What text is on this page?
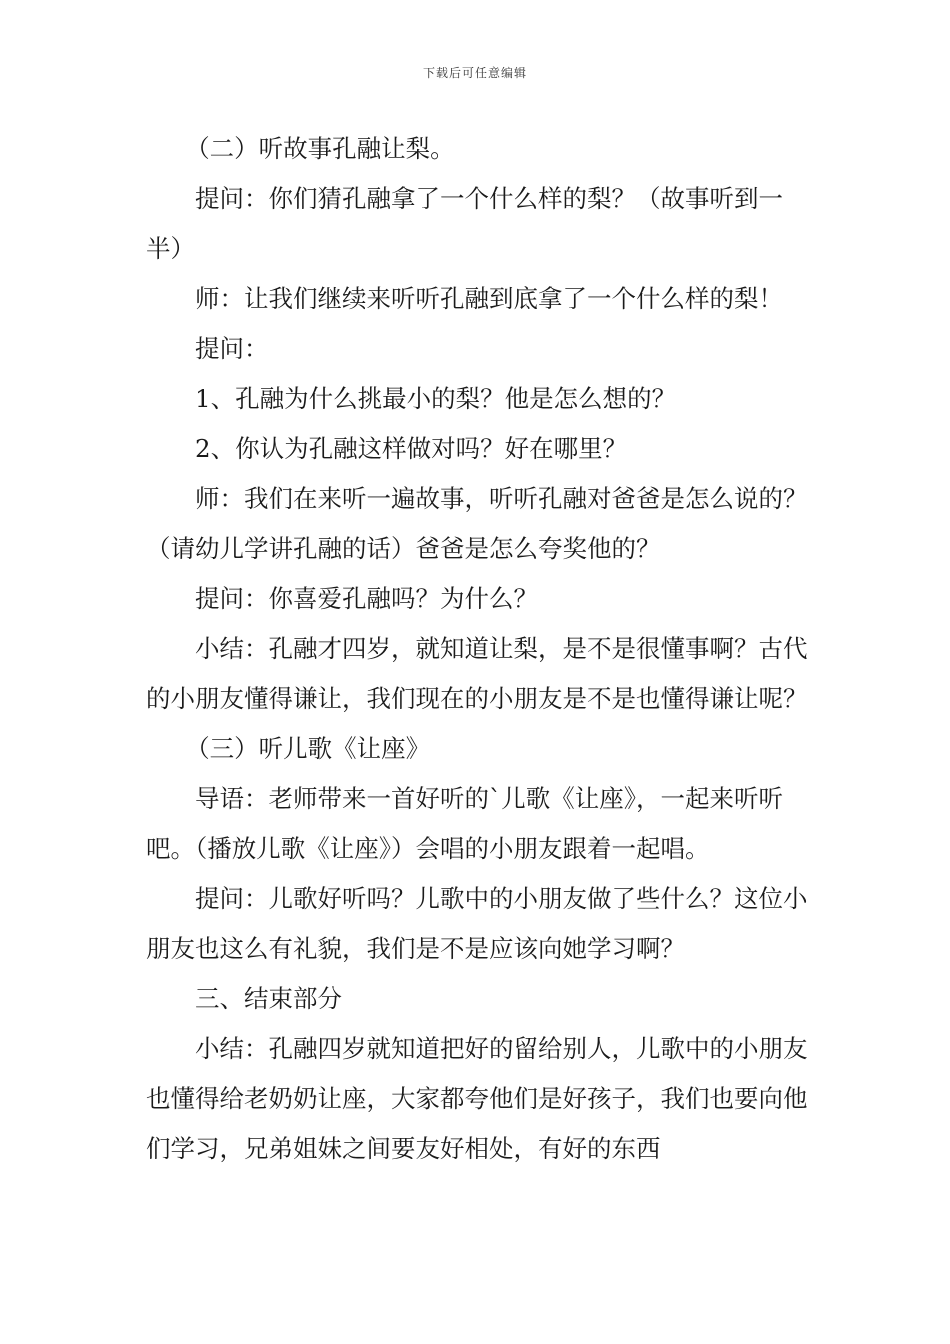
下载后可任意编辑

（二）听故事孔融让梨。

提问：你们猜孔融拿了一个什么样的梨？（故事听到一半）

师：让我们继续来听听孔融到底拿了一个什么样的梨！

提问：

1、孔融为什么挑最小的梨？他是怎么想的？

2、你认为孔融这样做对吗？好在哪里？

师：我们在来听一遍故事，听听孔融对爸爸是怎么说的？（请幼儿学讲孔融的话）爸爸是怎么夸奖他的？

提问：你喜爱孔融吗？为什么？

小结：孔融才四岁，就知道让梨，是不是很懂事啊？古代的小朋友懂得谦让，我们现在的小朋友是不是也懂得谦让呢？

（三）听儿歌《让座》

导语：老师带来一首好听的`儿歌《让座》，一起来听听吧。（播放儿歌《让座》）会唱的小朋友跟着一起唱。

提问：儿歌好听吗？儿歌中的小朋友做了些什么？这位小朋友也这么有礼貌，我们是不是应该向她学习啊？

三、结束部分

小结：孔融四岁就知道把好的留给别人，儿歌中的小朋友也懂得给老奶奶让座，大家都夸他们是好孩子，我们也要向他们学习，兄弟姐妹之间要友好相处，有好的东西
